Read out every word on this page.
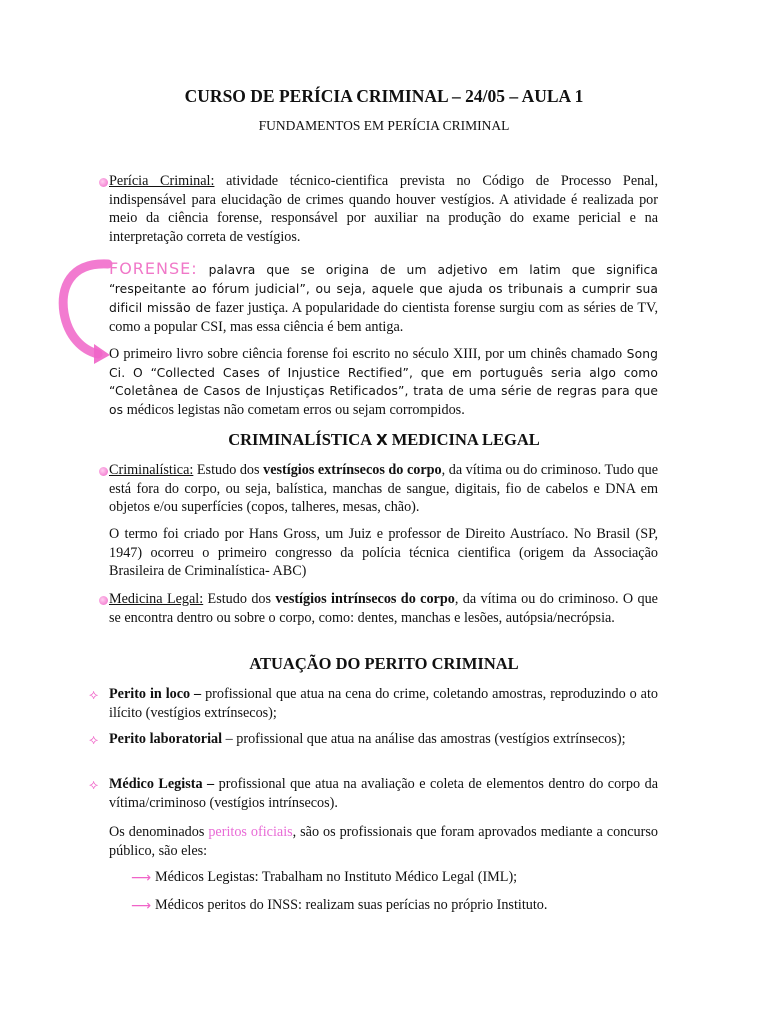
CURSO DE PERÍCIA CRIMINAL – 24/05 – AULA 1
FUNDAMENTOS EM PERÍCIA CRIMINAL

Perícia Criminal: atividade técnico-cientifica prevista no Código de Processo Penal, indispensável para elucidação de crimes quando houver vestígios. A atividade é realizada por meio da ciência forense, responsável por auxiliar na produção do exame pericial e na interpretação correta de vestígios.

FORENSE: palavra que se origina de um adjetivo em latim que significa “respeitante ao fórum judicial”, ou seja, aquele que ajuda os tribunais a cumprir sua dificil missão de fazer justiça. A popularidade do cientista forense surgiu com as séries de TV, como a popular CSI, mas essa ciência é bem antiga.

O primeiro livro sobre ciência forense foi escrito no século XIII, por um chinês chamado Song Ci. O “Collected Cases of Injustice Rectified”, que em português seria algo como “Coletânea de Casos de Injustiças Retificados”, trata de uma série de regras para que os médicos legistas não cometam erros ou sejam corrompidos.

CRIMINALÍSTICA X MEDICINA LEGAL

Criminalística: Estudo dos vestígios extrínsecos do corpo, da vítima ou do criminoso. Tudo que está fora do corpo, ou seja, balística, manchas de sangue, digitais, fio de cabelos e DNA em objetos e/ou superfícies (copos, talheres, mesas, chão).

O termo foi criado por Hans Gross, um Juiz e professor de Direito Austríaco. No Brasil (SP, 1947) ocorreu o primeiro congresso da polícia técnica cientifica (origem da Associação Brasileira de Criminalística- ABC)

Medicina Legal: Estudo dos vestígios intrínsecos do corpo, da vítima ou do criminoso. O que se encontra dentro ou sobre o corpo, como: dentes, manchas e lesões, autópsia/necrópsia.

ATUAÇÃO DO PERITO CRIMINAL
⟡ Perito in loco – profissional que atua na cena do crime, coletando amostras, reproduzindo o ato ilícito (vestígios extrínsecos);

⟡ Perito laboratorial – profissional que atua na análise das amostras (vestígios extrínsecos);

⟡ Médico Legista – profissional que atua na avaliação e coleta de elementos dentro do corpo da vítima/criminoso (vestígios intrínsecos).

Os denominados peritos oficiais, são os profissionais que foram aprovados mediante a concurso público, são eles:

⟶ Médicos Legistas: Trabalham no Instituto Médico Legal (IML);
⟶ Médicos peritos do INSS: realizam suas perícias no próprio Instituto.
